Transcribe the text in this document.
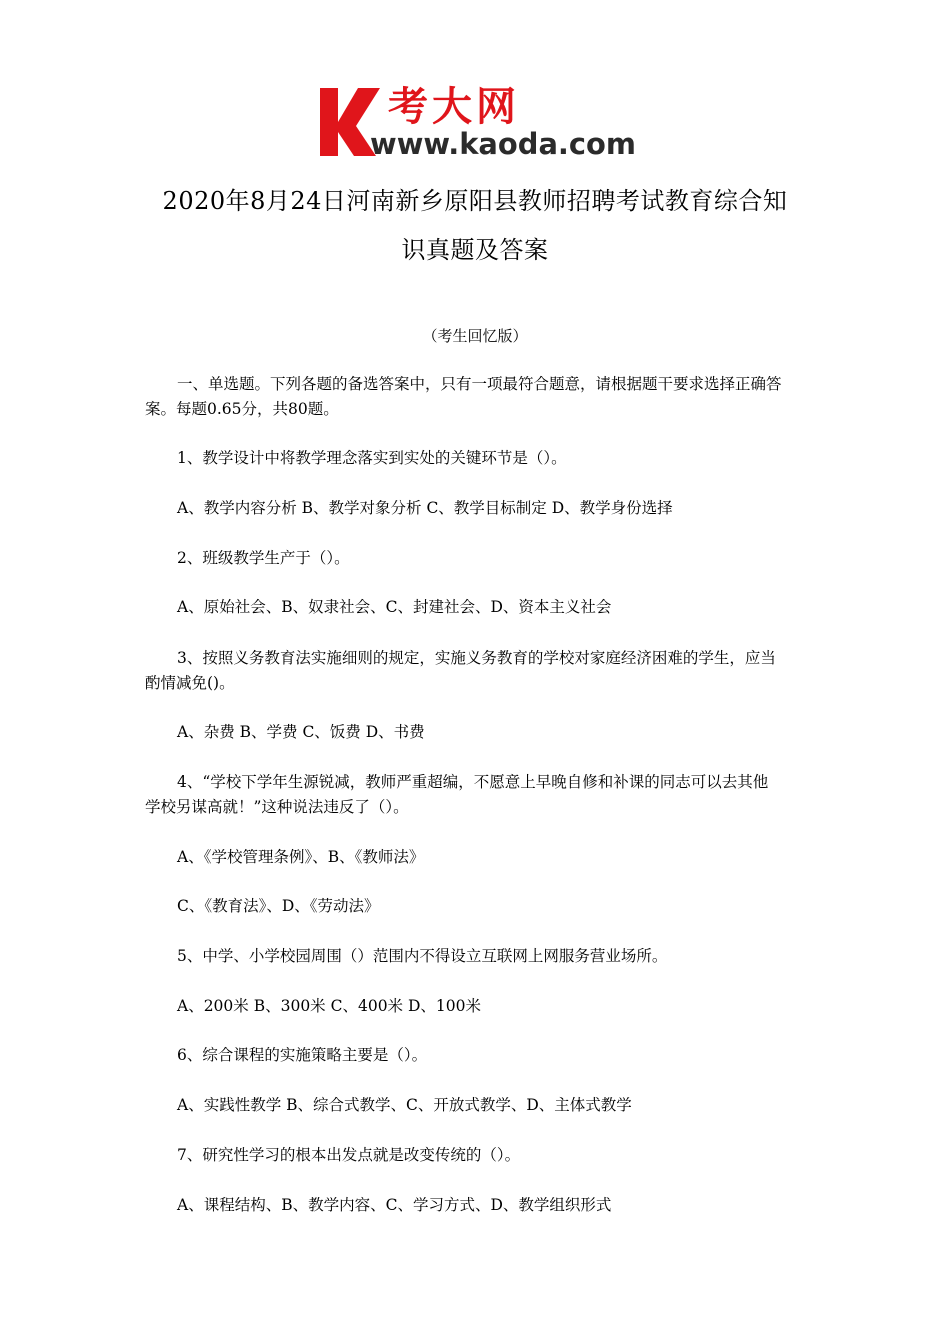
考大网
www.kaoda.com
2020年8月24日河南新乡原阳县教师招聘考试教育综合知
识真题及答案
（考生回忆版）
一、单选题。下列各题的备选答案中，只有一项最符合题意，请根据题干要求选择正确答
案。每题0.65分，共80题。
1、教学设计中将教学理念落实到实处的关键环节是（）。
A、教学内容分析 B、教学对象分析 C、教学目标制定 D、教学身份选择
2、班级教学生产于（）。
A、原始社会、B、奴隶社会、C、封建社会、D、资本主义社会
3、按照义务教育法实施细则的规定，实施义务教育的学校对家庭经济困难的学生，应当
酌情减免()。
A、杂费 B、学费 C、饭费 D、书费
4、“学校下学年生源锐减，教师严重超编，不愿意上早晚自修和补课的同志可以去其他
学校另谋高就！”这种说法违反了（）。
A、《学校管理条例》、B、《教师法》
C、《教育法》、D、《劳动法》
5、中学、小学校园周围（）范围内不得设立互联网上网服务营业场所。
A、200米 B、300米 C、400米 D、100米
6、综合课程的实施策略主要是（）。
A、实践性教学 B、综合式教学、C、开放式教学、D、主体式教学
7、研究性学习的根本出发点就是改变传统的（）。
A、课程结构、B、教学内容、C、学习方式、D、教学组织形式
